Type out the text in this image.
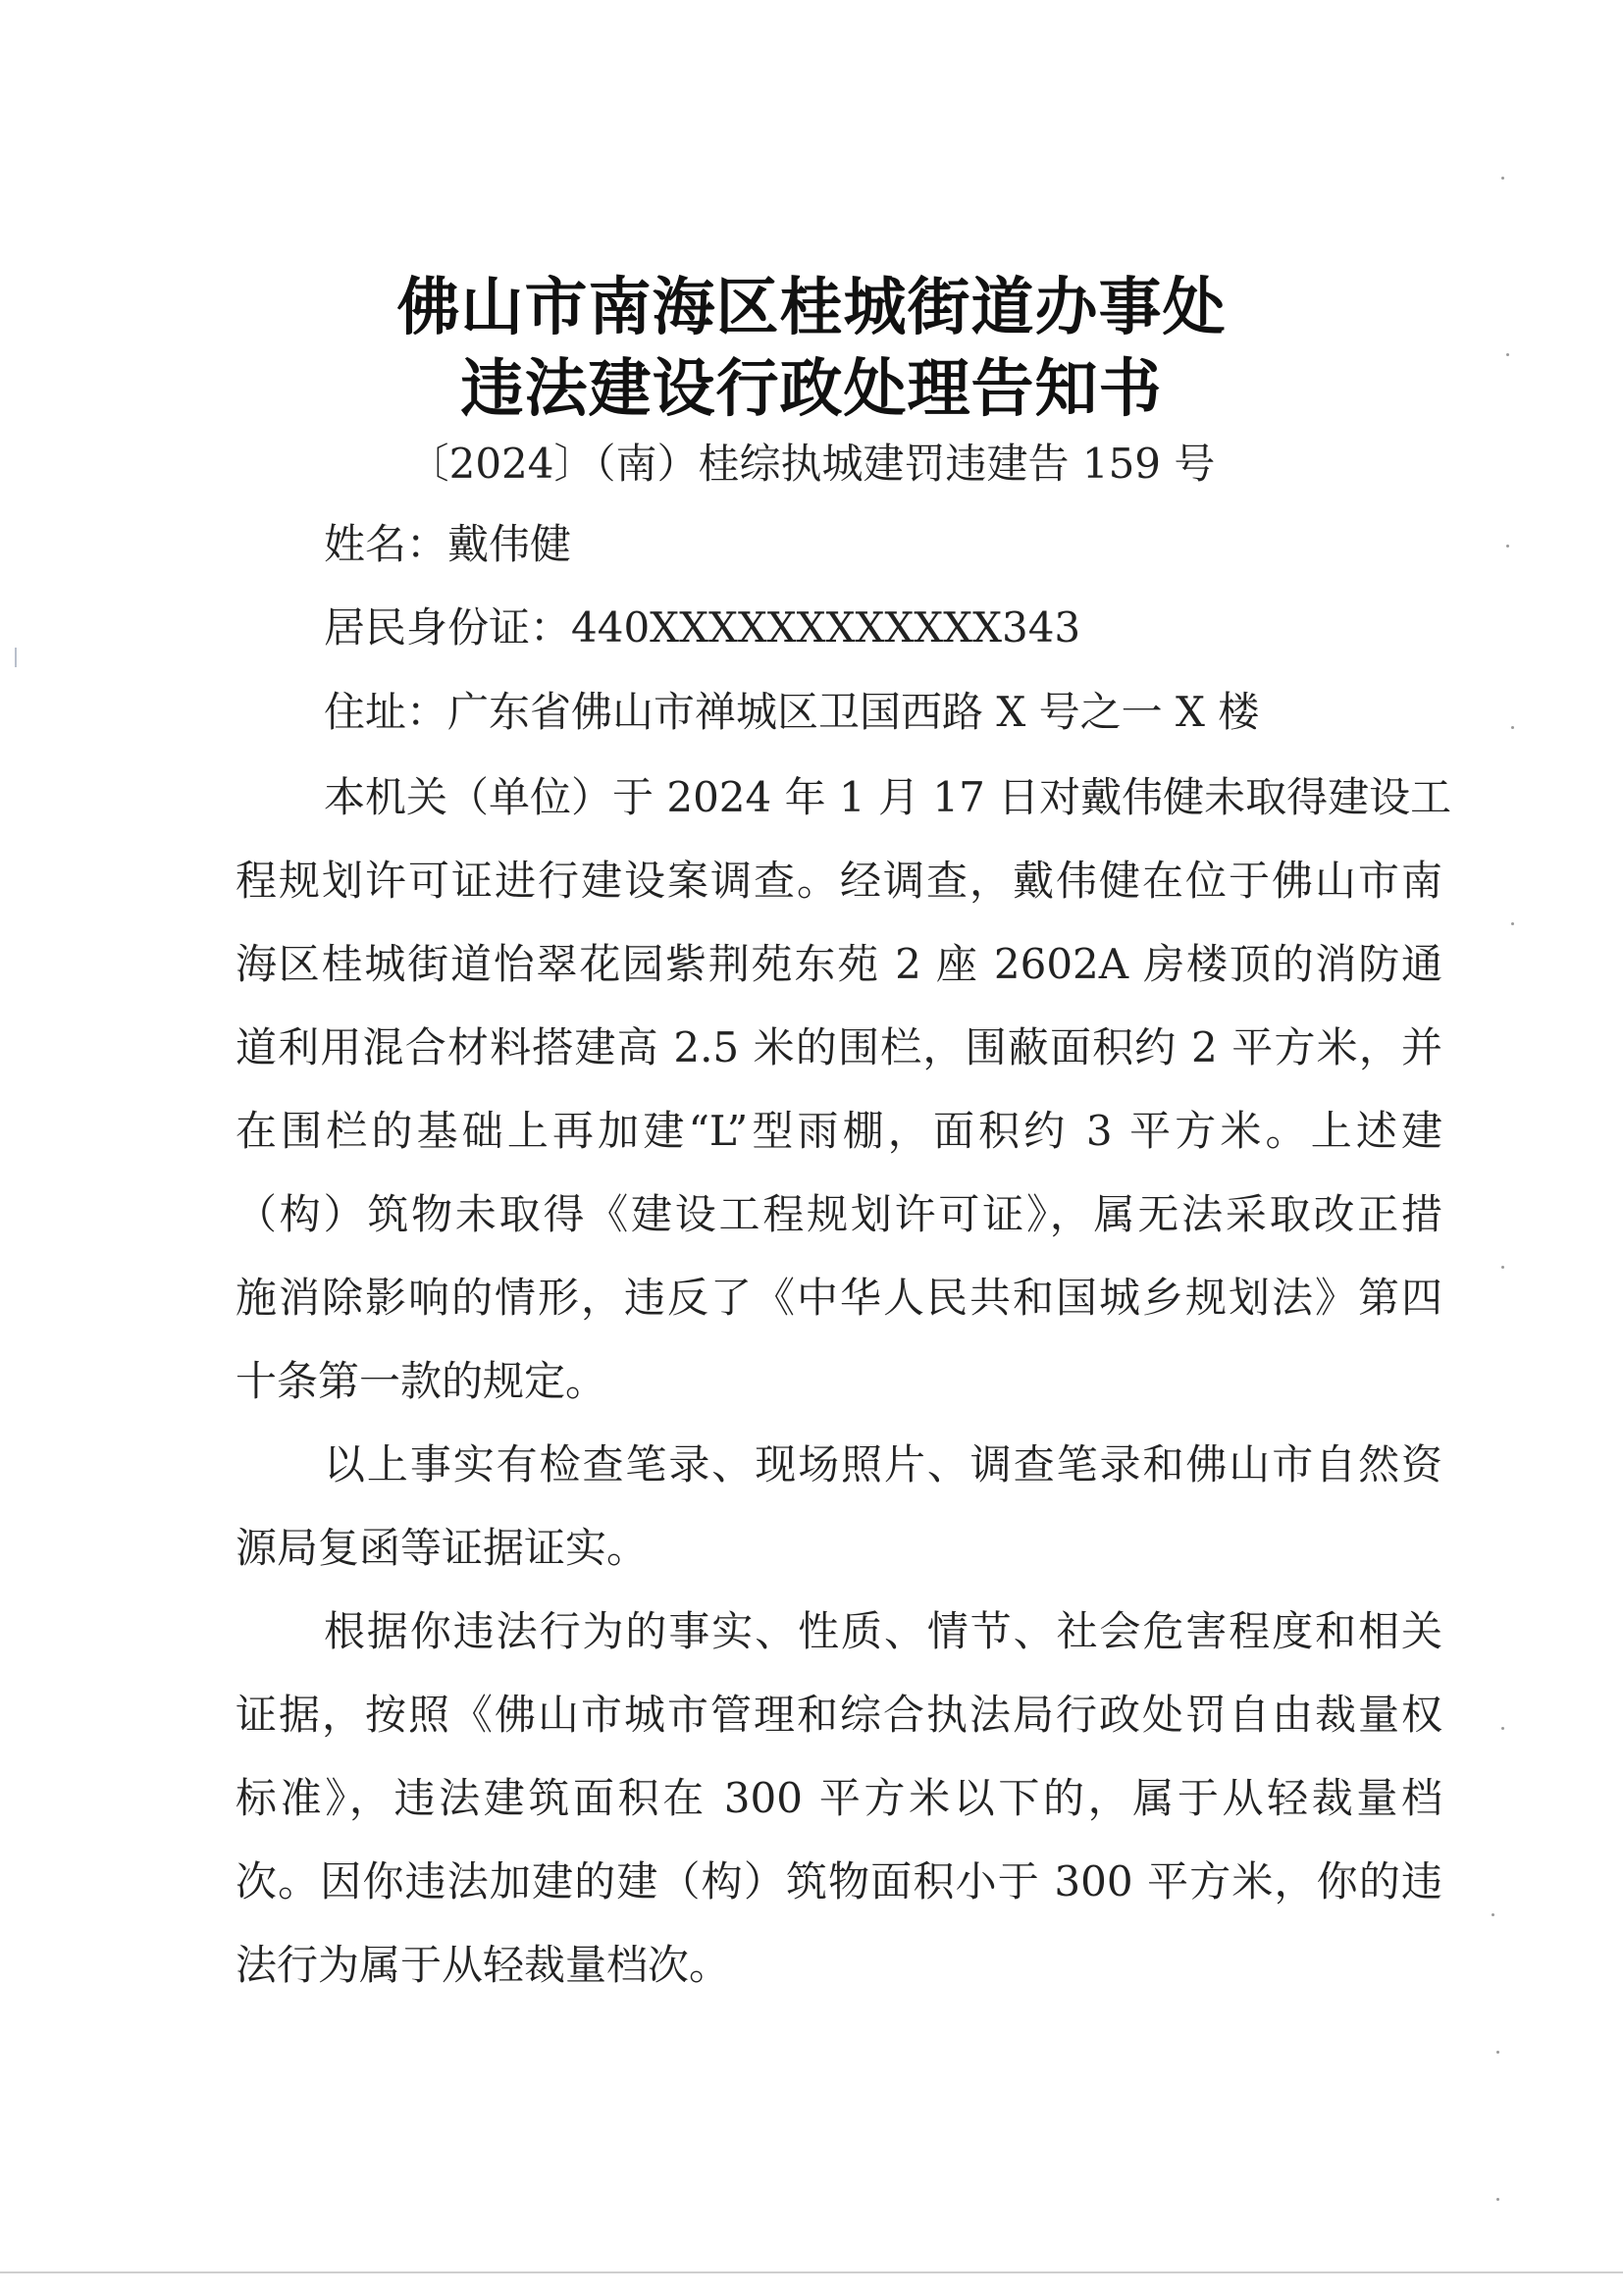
佛山市南海区桂城街道办事处
违法建设行政处理告知书
〔2024〕（南）桂综执城建罚违建告 159 号
姓名：戴伟健
居民身份证：440XXXXXXXXXXXX343
住址：广东省佛山市禅城区卫国西路 X 号之一 X 楼
本机关（单位）于 2024 年 1 月 17 日对戴伟健未取得建设工
程规划许可证进行建设案调查。经调查，戴伟健在位于佛山市南
海区桂城街道怡翠花园紫荆苑东苑 2 座 2602A 房楼顶的消防通
道利用混合材料搭建高 2.5 米的围栏，围蔽面积约 2 平方米，并
在围栏的基础上再加建“L”型雨棚，面积约 3 平方米。上述建
（构）筑物未取得《建设工程规划许可证》，属无法采取改正措
施消除影响的情形，违反了《中华人民共和国城乡规划法》第四
十条第一款的规定。
以上事实有检查笔录、现场照片、调查笔录和佛山市自然资
源局复函等证据证实。
根据你违法行为的事实、性质、情节、社会危害程度和相关
证据，按照《佛山市城市管理和综合执法局行政处罚自由裁量权
标准》，违法建筑面积在 300 平方米以下的，属于从轻裁量档
次。因你违法加建的建（构）筑物面积小于 300 平方米，你的违
法行为属于从轻裁量档次。
